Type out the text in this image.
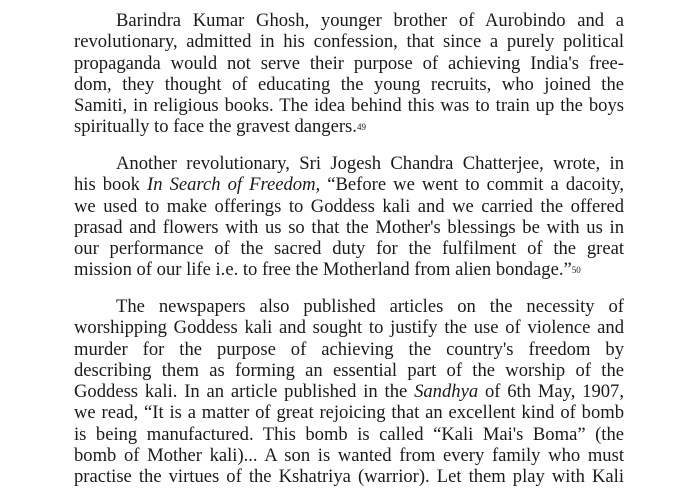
Barindra Kumar Ghosh, younger brother of Aurobindo and a
revolutionary, admitted in his confession, that since a purely political
propaganda would not serve their purpose of achieving India's free-
dom, they thought of educating the young recruits, who joined the
Samiti, in religious books. The idea behind this was to train up the boys
spiritually to face the gravest dangers.$^{49}$
Another revolutionary, Sri Jogesh Chandra Chatterjee, wrote, in
his book In Search of Freedom, “Before we went to commit a dacoity,
we used to make offerings to Goddess kali and we carried the offered
prasad and flowers with us so that the Mother's blessings be with us in
our performance of the sacred duty for the fulfilment of the great
mission of our life i.e. to free the Motherland from alien bondage.”$^{50}$
The newspapers also published articles on the necessity of
worshipping Goddess kali and sought to justify the use of violence and
murder for the purpose of achieving the country's freedom by
describing them as forming an essential part of the worship of the
Goddess kali. In an article published in the Sandhya of 6th May, 1907,
we read, “It is a matter of great rejoicing that an excellent kind of bomb
is being manufactured. This bomb is called “Kali Mai's Boma” (the
bomb of Mother kali)... A son is wanted from every family who must
practise the virtues of the Kshatriya (warrior). Let them play with Kali
